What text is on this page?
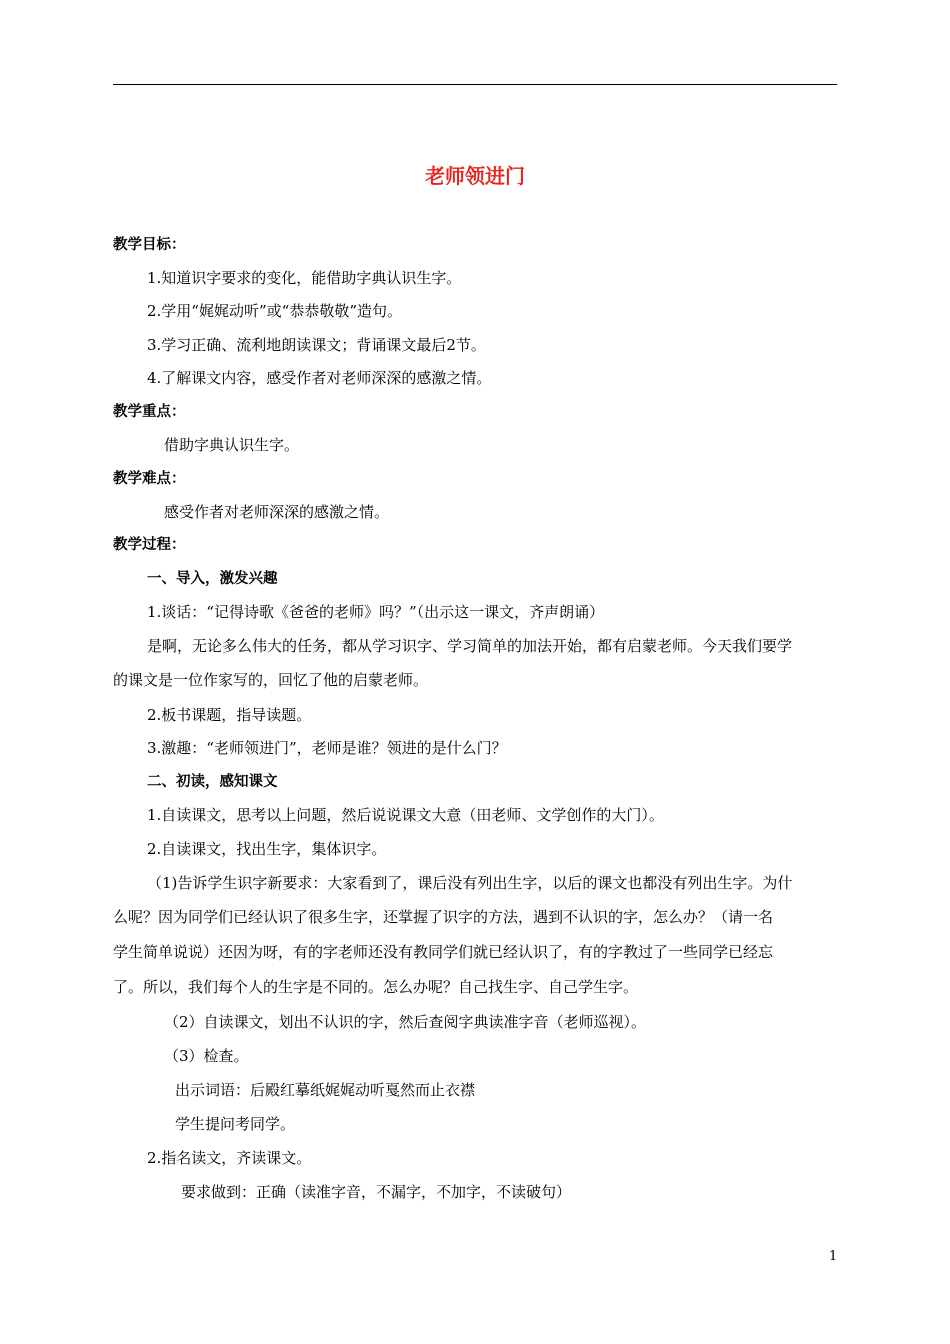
老师领进门
教学目标：
1.知道识字要求的变化，能借助字典认识生字。
2.学用“娓娓动听”或“恭恭敬敬”造句。
3.学习正确、流利地朗读课文；背诵课文最后2节。
4.了解课文内容，感受作者对老师深深的感激之情。
教学重点：
借助字典认识生字。
教学难点：
感受作者对老师深深的感激之情。
教学过程：
一、导入，激发兴趣
1.谈话：“记得诗歌《爸爸的老师》吗？”（出示这一课文，齐声朗诵）
是啊，无论多么伟大的任务，都从学习识字、学习简单的加法开始，都有启蒙老师。今天我们要学
的课文是一位作家写的，回忆了他的启蒙老师。
2.板书课题，指导读题。
3.激趣：“老师领进门”，老师是谁？领进的是什么门？
二、初读，感知课文
1.自读课文，思考以上问题，然后说说课文大意（田老师、文学创作的大门）。
2.自读课文，找出生字，集体识字。
（1)告诉学生识字新要求：大家看到了，课后没有列出生字，以后的课文也都没有列出生字。为什
么呢？因为同学们已经认识了很多生字，还掌握了识字的方法，遇到不认识的字，怎么办？（请一名
学生简单说说）还因为呀，有的字老师还没有教同学们就已经认识了，有的字教过了一些同学已经忘
了。所以，我们每个人的生字是不同的。怎么办呢？自己找生字、自己学生字。
（2）自读课文，划出不认识的字，然后查阅字典读准字音（老师巡视）。
（3）检查。
出示词语：后殿红摹纸娓娓动听戛然而止衣襟
学生提问考同学。
2.指名读文，齐读课文。
要求做到：正确（读准字音，不漏字，不加字，不读破句）
1
